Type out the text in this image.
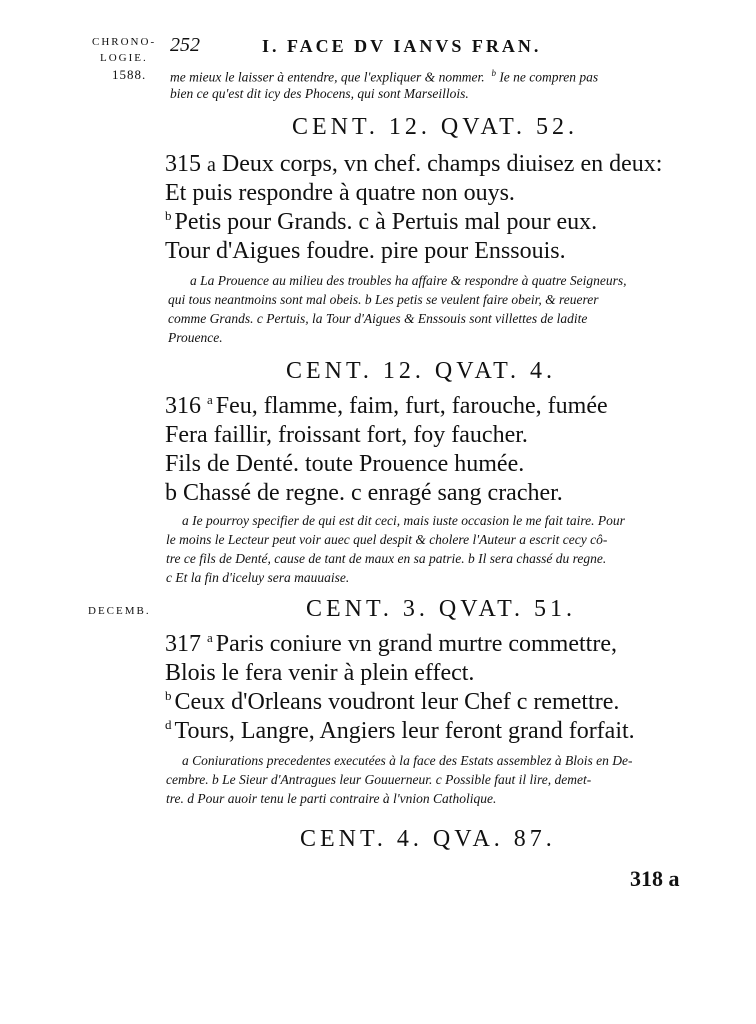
CHRONO-
LOGIE.
1588.
DECEMB.
252	I. FACE DV IANVS FRAN.
me mieux le laisser à entendre, que l'expliquer & nommer. $^b$ Ie ne compren pas
bien ce qu'est dit icy des Phocens, qui sont Marseillois.
CENT. 12. QVAT. 52.
315 a Deux corps, vn chef. champs diuisez en deux:
Et puis respondre à quatre non ouys.
$^b$ Petis pour Grands. c à Pertuis mal pour eux.
Tour d'Aigues foudre. pire pour Enssouis.
a La Prouence au milieu des troubles ha affaire & respondre à quatre Seigneurs,
qui tous neantmoins sont mal obeis. b Les petis se veulent faire obeir, & reuerer
comme Grands. c Pertuis, la Tour d'Aigues & Enssouis sont villettes de ladite
Prouence.
CENT. 12. QVAT. 4.
316 $^a$ Feu, flamme, faim, furt, farouche, fumée
Fera faillir, froissant fort, foy faucher.
Fils de Denté. toute Prouence humée.
b Chassé de regne. c enragé sang cracher.
a Ie pourroy specifier de qui est dit ceci, mais iuste occasion le me fait taire. Pour
le moins le Lecteur peut voir auec quel despit & cholere l'Auteur a escrit cecy cô-
tre ce fils de Denté, cause de tant de maux en sa patrie. b Il sera chassé du regne.
c Et la fin d'iceluy sera mauuaise.
CENT. 3. QVAT. 51.
317 $^a$ Paris coniure vn grand murtre commettre,
Blois le fera venir à plein effect.
$^b$ Ceux d'Orleans voudront leur Chef c remettre.
$^d$ Tours, Langre, Angiers leur feront grand forfait.
a Coniurations precedentes executées à la face des Estats assemblez à Blois en De-
cembre. b Le Sieur d'Antragues leur Gouuerneur. c Possible faut il lire, demet-
tre. d Pour auoir tenu le parti contraire à l'vnion Catholique.
CENT. 4. QVA. 87.
318 a
